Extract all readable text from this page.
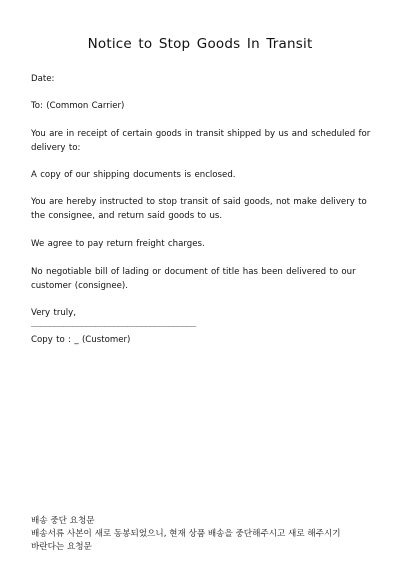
Notice to Stop Goods In Transit
Date:
To: (Common Carrier)
You are in receipt of certain goods in transit shipped by us and scheduled for delivery to:
A copy of our shipping documents is enclosed.
You are hereby instructed to stop transit of said goods, not make delivery to the consignee, and return said goods to us.
We agree to pay return freight charges.
No negotiable bill of lading or document of title has been delivered to our customer (consignee).
Very truly,
____________________________________
Copy to : _ (Customer)
배송 중단 요청문
배송서류 사본이 새로 동봉되었으니, 현재 상품 배송을 중단해주시고 새로 해주시기
바란다는 요청문
